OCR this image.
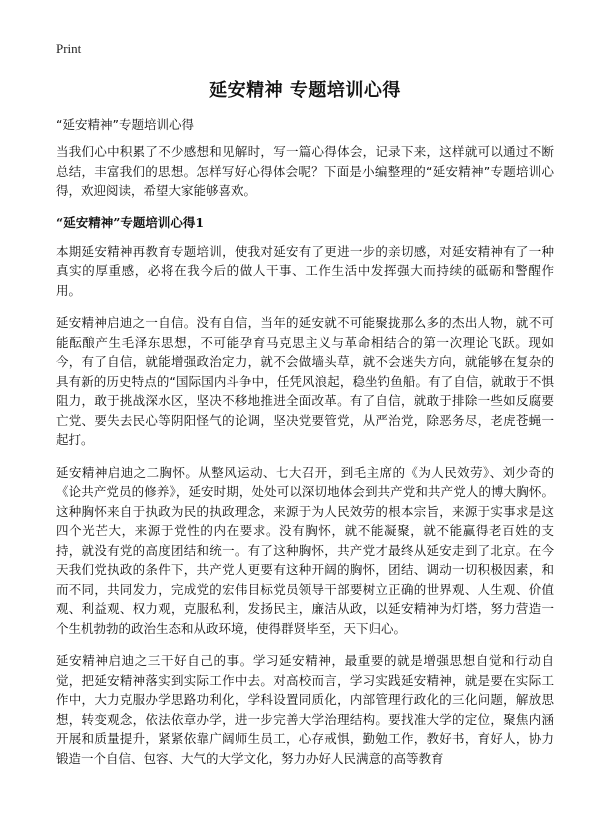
Print
延安精神 专题培训心得

“延安精神”专题培训心得

当我们心中积累了不少感想和见解时，写一篇心得体会，记录下来，这样就可以通过不断总结，丰富我们的思想。怎样写好心得体会呢？下面是小编整理的“延安精神”专题培训心得，欢迎阅读，希望大家能够喜欢。

“延安精神”专题培训心得1

本期延安精神再教育专题培训，使我对延安有了更进一步的亲切感，对延安精神有了一种真实的厚重感，必将在我今后的做人干事、工作生活中发挥强大而持续的砥砺和警醒作用。

延安精神启迪之一自信。没有自信，当年的延安就不可能聚拢那么多的杰出人物，就不可能酝酿产生毛泽东思想，不可能孕育马克思主义与革命相结合的第一次理论飞跃。现如今，有了自信，就能增强政治定力，就不会做墙头草，就不会迷失方向，就能够在复杂的具有新的历史特点的“国际国内斗争中，任凭风浪起，稳坐钓鱼船。有了自信，就敢于不惧阻力，敢于挑战深水区，坚决不移地推进全面改革。有了自信，就敢于排除一些如反腐要亡党、要失去民心等阴阳怪气的论调，坚决党要管党，从严治党，除恶务尽，老虎苍蝇一起打。

延安精神启迪之二胸怀。从整风运动、七大召开，到毛主席的《为人民效劳》、刘少奇的《论共产党员的修养》，延安时期，处处可以深切地体会到共产党和共产党人的博大胸怀。这种胸怀来自于执政为民的执政理念，来源于为人民效劳的根本宗旨，来源于实事求是这四个光芒大，来源于党性的内在要求。没有胸怀，就不能凝聚，就不能赢得老百姓的支持，就没有党的高度团结和统一。有了这种胸怀，共产党才最终从延安走到了北京。在今天我们党执政的条件下，共产党人更要有这种开阔的胸怀，团结、调动一切积极因素，和而不同，共同发力，完成党的宏伟目标党员领导干部要树立正确的世界观、人生观、价值观、利益观、权力观，克服私利，发扬民主，廉洁从政，以延安精神为灯塔，努力营造一个生机勃勃的政治生态和从政环境，使得群贤毕至，天下归心。

延安精神启迪之三干好自己的事。学习延安精神，最重要的就是增强思想自觉和行动自觉，把延安精神落实到实际工作中去。对高校而言，学习实践延安精神，就是要在实际工作中，大力克服办学思路功利化，学科设置同质化，内部管理行政化的三化问题，解放思想，转变观念，依法依章办学，进一步完善大学治理结构。要找准大学的定位，聚焦内涵开展和质量提升，紧紧依靠广阔师生员工，心存戒惧，勤勉工作，教好书，育好人，协力锻造一个自信、包容、大气的大学文化，努力办好人民满意的高等教育
